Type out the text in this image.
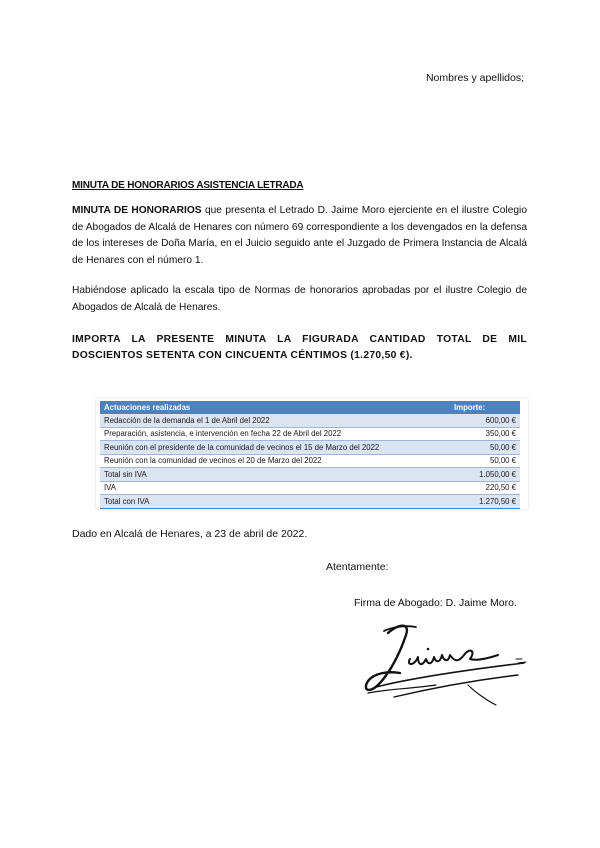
Nombres y apellidos;
MINUTA DE HONORARIOS ASISTENCIA LETRADA
MINUTA DE HONORARIOS que presenta el Letrado D. Jaime Moro ejerciente en el ilustre Colegio de Abogados de Alcalá de Henares con número 69 correspondiente a los devengados en la defensa de los intereses de Doña María, en el Juicio seguido ante el Juzgado de Primera Instancia de Alcalá de Henares con el número 1.
Habiéndose aplicado la escala tipo de Normas de honorarios aprobadas por el ilustre Colegio de Abogados de Alcalá de Henares.
IMPORTA LA PRESENTE MINUTA LA FIGURADA CANTIDAD TOTAL DE MIL DOSCIENTOS SETENTA CON CINCUENTA CÉNTIMOS (1.270,50 €).
Actuaciones realizadas	Importe:
Redacción de la demanda el 1 de Abril del 2022	600,00 €
Preparación, asistencia, e intervención en fecha 22 de Abril del 2022	350,00 €
Reunión con el presidente de la comunidad de vecinos el 15 de Marzo del 2022	50,00 €
Reunión con la comunidad de vecinos el 20 de Marzo del 2022	50,00 €
Total sin IVA	1.050,00 €
IVA	220,50 €
Total con IVA	1.270,50 €
Dado en Alcalá de Henares, a 23 de abril de 2022.
Atentamente:
Firma de Abogado: D. Jaime Moro.
